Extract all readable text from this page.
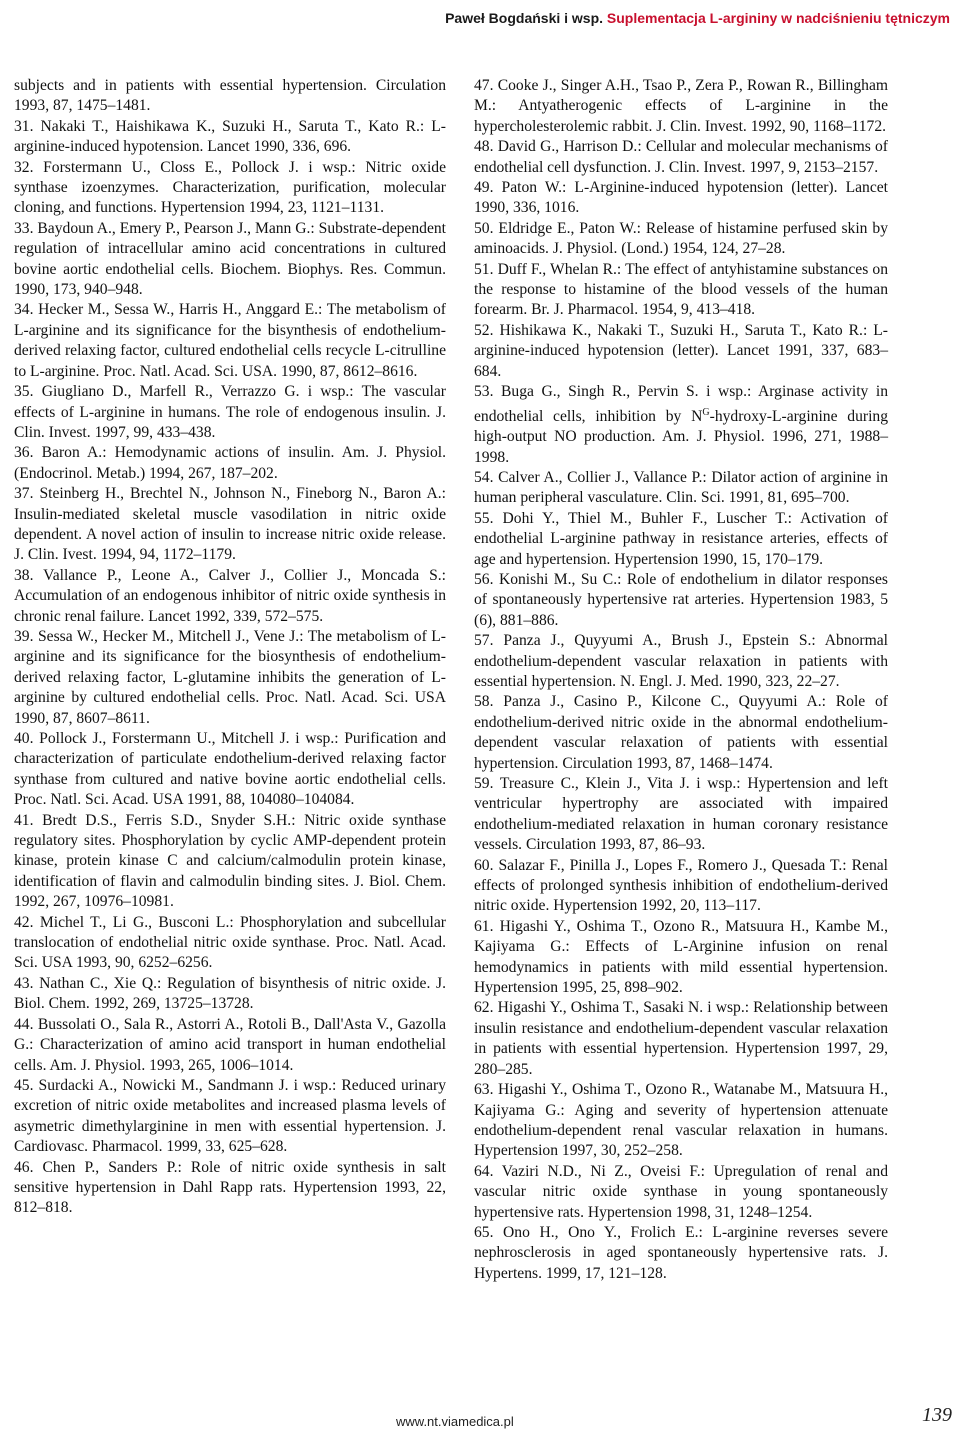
Paweł Bogdański i wsp. Suplementacja L-argininy w nadciśnieniu tętniczym

subjects and in patients with essential hypertension. Circulation 1993, 87, 1475–1481.

31. Nakaki T., Haishikawa K., Suzuki H., Saruta T., Kato R.: L-arginine-induced hypotension. Lancet 1990, 336, 696.

32. Forstermann U., Closs E., Pollock J. i wsp.: Nitric oxide synthase izoenzymes. Characterization, purification, molecular cloning, and functions. Hypertension 1994, 23, 1121–1131.

33. Baydoun A., Emery P., Pearson J., Mann G.: Substrate-dependent regulation of intracellular amino acid concentrations in cultured bovine aortic endothelial cells. Biochem. Biophys. Res. Commun. 1990, 173, 940–948.

34. Hecker M., Sessa W., Harris H., Anggard E.: The metabolism of L-arginine and its significance for the bisynthesis of endothelium-derived relaxing factor, cultured endothelial cells recycle L-citrulline to L-arginine. Proc. Natl. Acad. Sci. USA. 1990, 87, 8612–8616.

35. Giugliano D., Marfell R., Verrazzo G. i wsp.: The vascular effects of L-arginine in humans. The role of endogenous insulin. J. Clin. Invest. 1997, 99, 433–438.

36. Baron A.: Hemodynamic actions of insulin. Am. J. Physiol. (Endocrinol. Metab.) 1994, 267, 187–202.

37. Steinberg H., Brechtel N., Johnson N., Fineborg N., Baron A.: Insulin-mediated skeletal muscle vasodilation in nitric oxide dependent. A novel action of insulin to increase nitric oxide release. J. Clin. Ivest. 1994, 94, 1172–1179.

38. Vallance P., Leone A., Calver J., Collier J., Moncada S.: Accumulation of an endogenous inhibitor of nitric oxide synthesis in chronic renal failure. Lancet 1992, 339, 572–575.

39. Sessa W., Hecker M., Mitchell J., Vene J.: The metabolism of L-arginine and its significance for the biosynthesis of endothelium-derived relaxing factor, L-glutamine inhibits the generation of L-arginine by cultured endothelial cells. Proc. Natl. Acad. Sci. USA 1990, 87, 8607–8611.

40. Pollock J., Forstermann U., Mitchell J. i wsp.: Purification and characterization of particulate endothelium-derived relaxing factor synthase from cultured and native bovine aortic endothelial cells. Proc. Natl. Sci. Acad. USA 1991, 88, 104080–104084.

41. Bredt D.S., Ferris S.D., Snyder S.H.: Nitric oxide synthase regulatory sites. Phosphorylation by cyclic AMP-dependent protein kinase, protein kinase C and calcium/calmodulin protein kinase, identification of flavin and calmodulin binding sites. J. Biol. Chem. 1992, 267, 10976–10981.

42. Michel T., Li G., Busconi L.: Phosphorylation and subcellular translocation of endothelial nitric oxide synthase. Proc. Natl. Acad. Sci. USA 1993, 90, 6252–6256.

43. Nathan C., Xie Q.: Regulation of bisynthesis of nitric oxide. J. Biol. Chem. 1992, 269, 13725–13728.

44. Bussolati O., Sala R., Astorri A., Rotoli B., Dall'Asta V., Gazolla G.: Characterization of amino acid transport in human endothelial cells. Am. J. Physiol. 1993, 265, 1006–1014.

45. Surdacki A., Nowicki M., Sandmann J. i wsp.: Reduced urinary excretion of nitric oxide metabolites and increased plasma levels of asymetric dimethylarginine in men with essential hypertension. J. Cardiovasc. Pharmacol. 1999, 33, 625–628.

46. Chen P., Sanders P.: Role of nitric oxide synthesis in salt sensitive hypertension in Dahl Rapp rats. Hypertension 1993, 22, 812–818.

47. Cooke J., Singer A.H., Tsao P., Zera P., Rowan R., Billingham M.: Antyatherogenic effects of L-arginine in the hypercholesterolemic rabbit. J. Clin. Invest. 1992, 90, 1168–1172.

48. David G., Harrison D.: Cellular and molecular mechanisms of endothelial cell dysfunction. J. Clin. Invest. 1997, 9, 2153–2157.

49. Paton W.: L-Arginine-induced hypotension (letter). Lancet 1990, 336, 1016.

50. Eldridge E., Paton W.: Release of histamine perfused skin by aminoacids. J. Physiol. (Lond.) 1954, 124, 27–28.

51. Duff F., Whelan R.: The effect of antyhistamine substances on the response to histamine of the blood vessels of the human forearm. Br. J. Pharmacol. 1954, 9, 413–418.

52. Hishikawa K., Nakaki T., Suzuki H., Saruta T., Kato R.: L-arginine-induced hypotension (letter). Lancet 1991, 337, 683–684.

53. Buga G., Singh R., Pervin S. i wsp.: Arginase activity in endothelial cells, inhibition by $N^G-hydroxy-L$-arginine during high-output NO production. Am. J. Physiol. 1996, 271, 1988–1998.

54. Calver A., Collier J., Vallance P.: Dilator action of arginine in human peripheral vasculature. Clin. Sci. 1991, 81, 695–700.

55. Dohi Y., Thiel M., Buhler F., Luscher T.: Activation of endothelial L-arginine pathway in resistance arteries, effects of age and hypertension. Hypertension 1990, 15, 170–179.

56. Konishi M., Su C.: Role of endothelium in dilator responses of spontaneously hypertensive rat arteries. Hypertension 1983, 5 (6), 881–886.

57. Panza J., Quyyumi A., Brush J., Epstein S.: Abnormal endothelium-dependent vascular relaxation in patients with essential hypertension. N. Engl. J. Med. 1990, 323, 22–27.

58. Panza J., Casino P., Kilcone C., Quyyumi A.: Role of endothelium-derived nitric oxide in the abnormal endothelium-dependent vascular relaxation of patients with essential hypertension. Circulation 1993, 87, 1468–1474.

59. Treasure C., Klein J., Vita J. i wsp.: Hypertension and left ventricular hypertrophy are associated with impaired endothelium-mediated relaxation in human coronary resistance vessels. Circulation 1993, 87, 86–93.

60. Salazar F., Pinilla J., Lopes F., Romero J., Quesada T.: Renal effects of prolonged synthesis inhibition of endothelium-derived nitric oxide. Hypertension 1992, 20, 113–117.

61. Higashi Y., Oshima T., Ozono R., Matsuura H., Kambe M., Kajiyama G.: Effects of L-Arginine infusion on renal hemodynamics in patients with mild essential hypertension. Hypertension 1995, 25, 898–902.

62. Higashi Y., Oshima T., Sasaki N. i wsp.: Relationship between insulin resistance and endothelium-dependent vascular relaxation in patients with essential hypertension. Hypertension 1997, 29, 280–285.

63. Higashi Y., Oshima T., Ozono R., Watanabe M., Matsuura H., Kajiyama G.: Aging and severity of hypertension attenuate endothelium-dependent renal vascular relaxation in humans. Hypertension 1997, 30, 252–258.

64. Vaziri N.D., Ni Z., Oveisi F.: Upregulation of renal and vascular nitric oxide synthase in young spontaneously hypertensive rats. Hypertension 1998, 31, 1248–1254.

65. Ono H., Ono Y., Frolich E.: L-arginine reverses severe nephrosclerosis in aged spontaneously hypertensive rats. J. Hypertens. 1999, 17, 121–128.

www.nt.viamedica.pl	139
